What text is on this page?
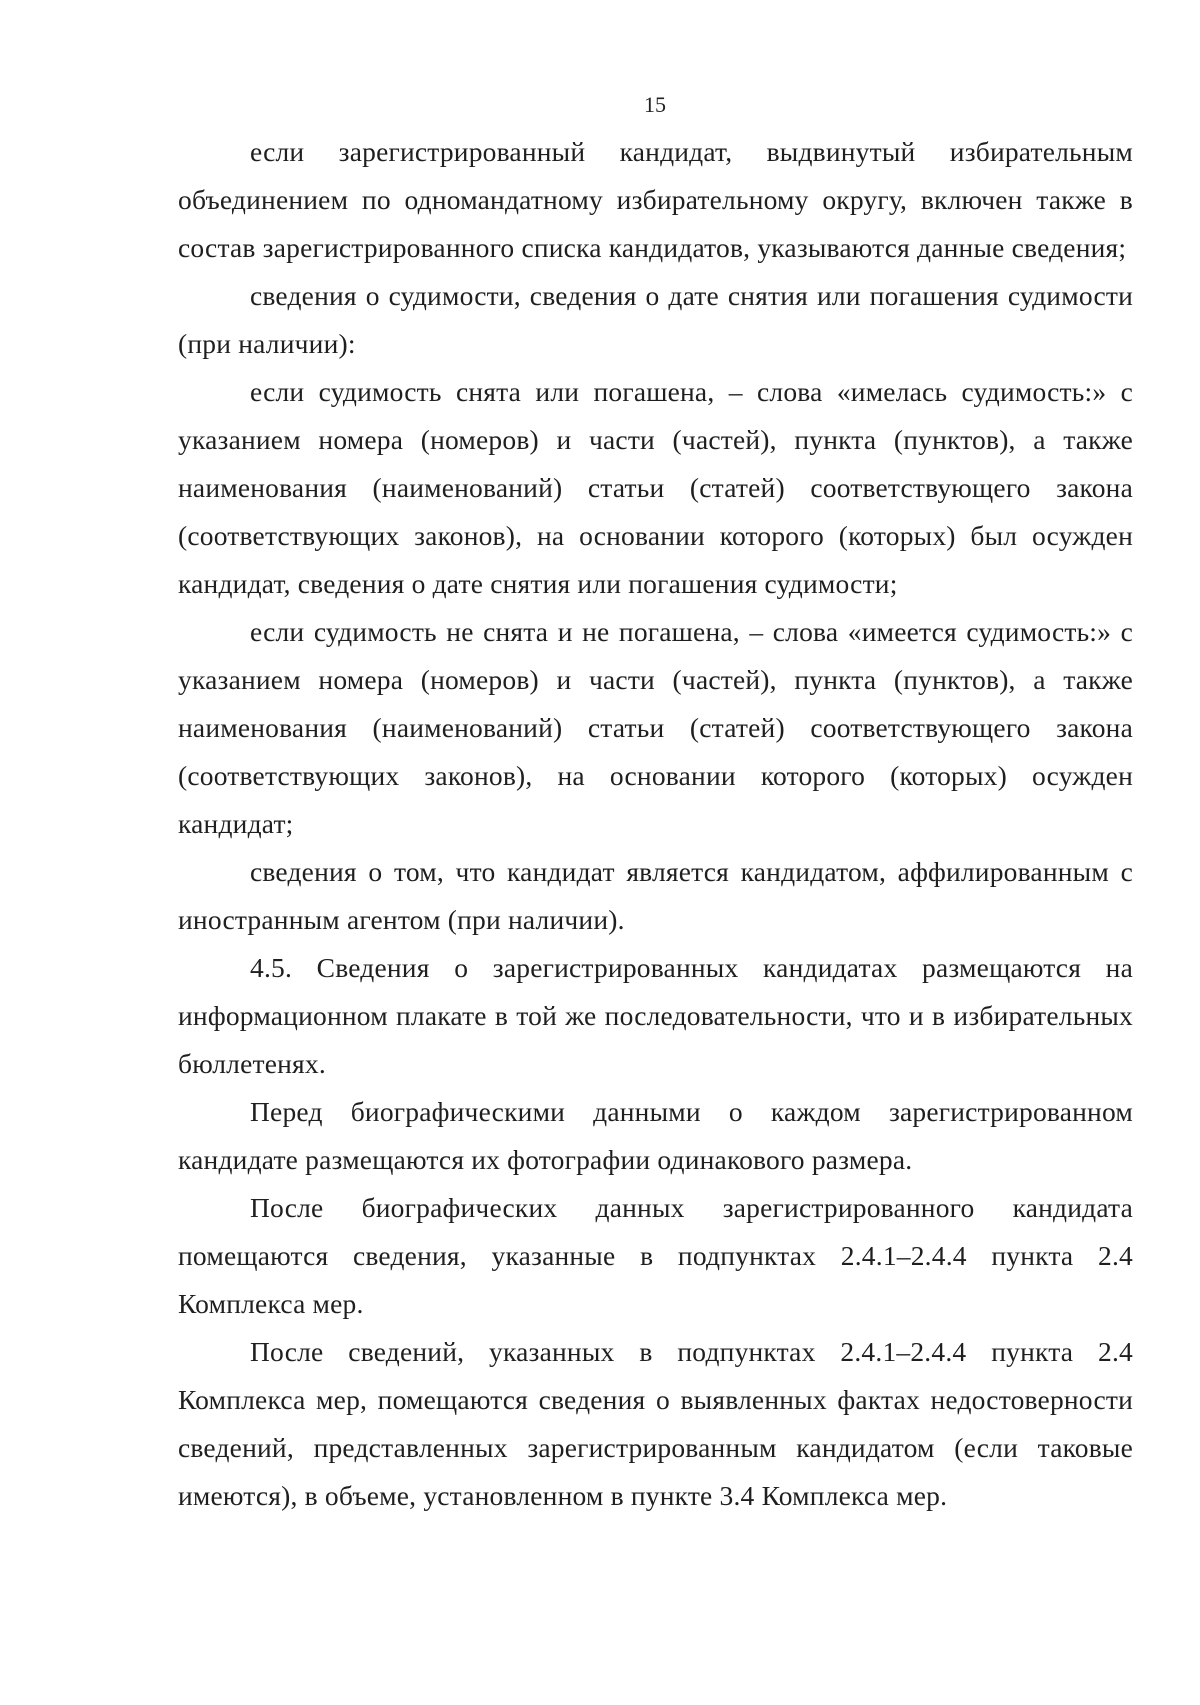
15

если зарегистрированный кандидат, выдвинутый избирательным объединением по одномандатному избирательному округу, включен также в состав зарегистрированного списка кандидатов, указываются данные сведения;

сведения о судимости, сведения о дате снятия или погашения судимости (при наличии):

если судимость снята или погашена, – слова «имелась судимость:» с указанием номера (номеров) и части (частей), пункта (пунктов), а также наименования (наименований) статьи (статей) соответствующего закона (соответствующих законов), на основании которого (которых) был осужден кандидат, сведения о дате снятия или погашения судимости;

если судимость не снята и не погашена, – слова «имеется судимость:» с указанием номера (номеров) и части (частей), пункта (пунктов), а также наименования (наименований) статьи (статей) соответствующего закона (соответствующих законов), на основании которого (которых) осужден кандидат;

сведения о том, что кандидат является кандидатом, аффилированным с иностранным агентом (при наличии).

4.5. Сведения о зарегистрированных кандидатах размещаются на информационном плакате в той же последовательности, что и в избирательных бюллетенях.

Перед биографическими данными о каждом зарегистрированном кандидате размещаются их фотографии одинакового размера.

После биографических данных зарегистрированного кандидата помещаются сведения, указанные в подпунктах 2.4.1–2.4.4 пункта 2.4 Комплекса мер.

После сведений, указанных в подпунктах 2.4.1–2.4.4 пункта 2.4 Комплекса мер, помещаются сведения о выявленных фактах недостоверности сведений, представленных зарегистрированным кандидатом (если таковые имеются), в объеме, установленном в пункте 3.4 Комплекса мер.
